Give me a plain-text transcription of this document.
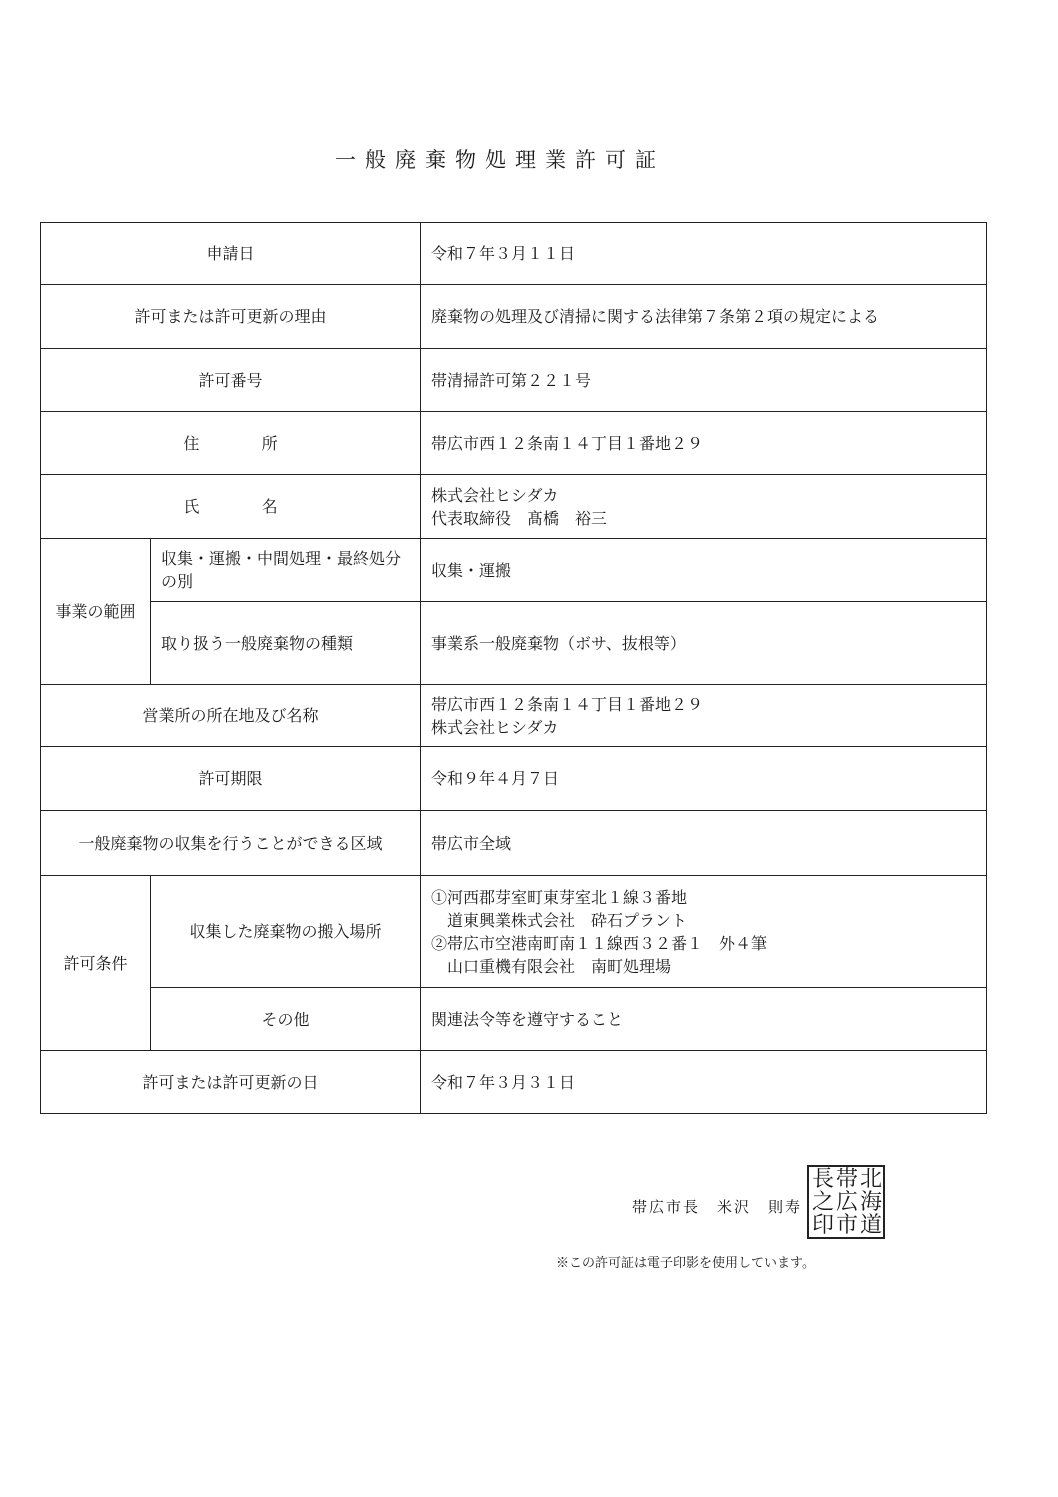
一般廃棄物処理業許可証
申請日		令和７年３月１１日
許可または許可更新の理由		廃棄物の処理及び清掃に関する法律第７条第２項の規定による
許可番号		帯清掃許可第２２１号
住 所		帯広市西１２条南１４丁目１番地２９
氏 名		株式会社ヒシダカ
代表取締役　髙橋　裕三

事業の範囲	収集・運搬・中間処理・最終処分の別	収集・運搬
	取り扱う一般廃棄物の種類	事業系一般廃棄物（ボサ、抜根等）
営業所の所在地及び名称		帯広市西１２条南１４丁目１番地２９
株式会社ヒシダカ

許可期限		令和９年４月７日
一般廃棄物の収集を行うことができる区域		帯広市全域
許可条件	収集した廃棄物の搬入場所	①河西郡芽室町東芽室北１線３番地
　道東興業株式会社　砕石プラント
②帯広市空港南町南１１線西３２番１　外４筆
　山口重機有限会社　南町処理場

	その他	関連法令等を遵守すること
許可または許可更新の日		令和７年３月３１日
帯広市長　米沢　則寿
北
海
道
帯
広
市
長
之
印
※この許可証は電子印影を使用しています。
